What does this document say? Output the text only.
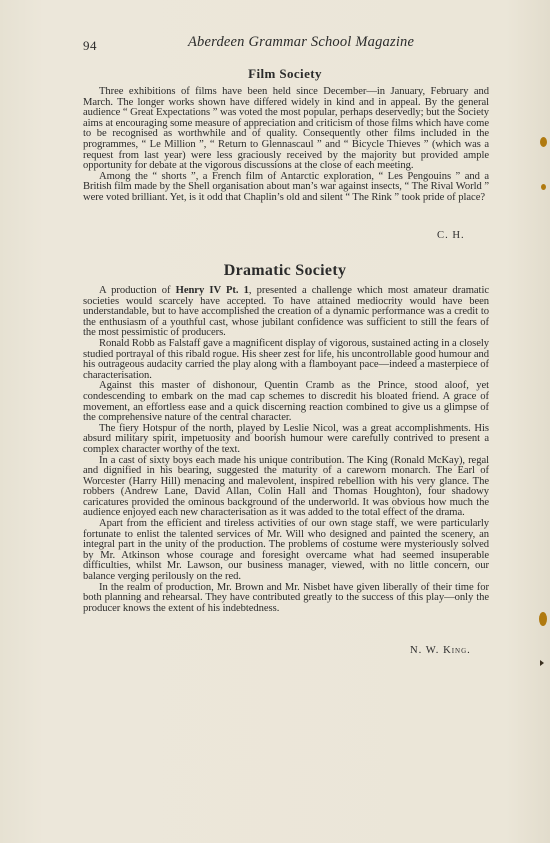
94	Aberdeen Grammar School Magazine
Film Society

Three exhibitions of films have been held since December—in January, February and March. The longer works shown have differed widely in kind and in appeal. By the general audience “ Great Expectations ” was voted the most popular, perhaps deservedly; but the Society aims at encouraging some measure of appreciation and criticism of those films which have come to be recognised as worthwhile and of quality. Consequently other films included in the programmes, “ Le Million ”, “ Return to Glennascaul ” and “ Bicycle Thieves ” (which was a request from last year) were less graciously received by the majority but provided ample opportunity for debate at the vigorous discussions at the close of each meeting.

Among the “ shorts ”, a French film of Antarctic exploration, “ Les Pengouins ” and a British film made by the Shell organisation about man’s war against insects, “ The Rival World ” were voted brilliant. Yet, is it odd that Chaplin’s old and silent “ The Rink ” took pride of place?

C. H.
Dramatic Society

A production of Henry IV Pt. 1, presented a challenge which most amateur dramatic societies would scarcely have accepted. To have attained mediocrity would have been understandable, but to have accomplished the creation of a dynamic performance was a credit to the enthusiasm of a youthful cast, whose jubilant confidence was sufficient to still the fears of the most pessimistic of producers.

Ronald Robb as Falstaff gave a magnificent display of vigorous, sustained acting in a closely studied portrayal of this ribald rogue. His sheer zest for life, his uncontrollable good humour and his outrageous audacity carried the play along with a flamboyant pace—indeed a masterpiece of characterisation.

Against this master of dishonour, Quentin Cramb as the Prince, stood aloof, yet condescending to embark on the mad cap schemes to discredit his bloated friend. A grace of movement, an effortless ease and a quick discerning reaction combined to give us a glimpse of the comprehensive nature of the central character.

The fiery Hotspur of the north, played by Leslie Nicol, was a great accomplishments. His absurd military spirit, impetuosity and boorish humour were carefully contrived to present a complex character worthy of the text.

In a cast of sixty boys each made his unique contribution. The King (Ronald McKay), regal and dignified in his bearing, suggested the maturity of a careworn monarch. The Earl of Worcester (Harry Hill) menacing and malevolent, inspired rebellion with his very glance. The robbers (Andrew Lane, David Allan, Colin Hall and Thomas Houghton), four shadowy caricatures provided the ominous background of the underworld. It was obvious how much the audience enjoyed each new characterisation as it was added to the total effect of the drama.

Apart from the efficient and tireless activities of our own stage staff, we were particularly fortunate to enlist the talented services of Mr. Will who designed and painted the scenery, an integral part in the unity of the production. The problems of costume were mysteriously solved by Mr. Atkinson whose courage and foresight overcame what had seemed insuperable difficulties, whilst Mr. Lawson, our business manager, viewed, with no little concern, our balance verging perilously on the red.

In the realm of production, Mr. Brown and Mr. Nisbet have given liberally of their time for both planning and rehearsal. They have contributed greatly to the success of this play—only the producer knows the extent of his indebtedness.

N. W. King.
